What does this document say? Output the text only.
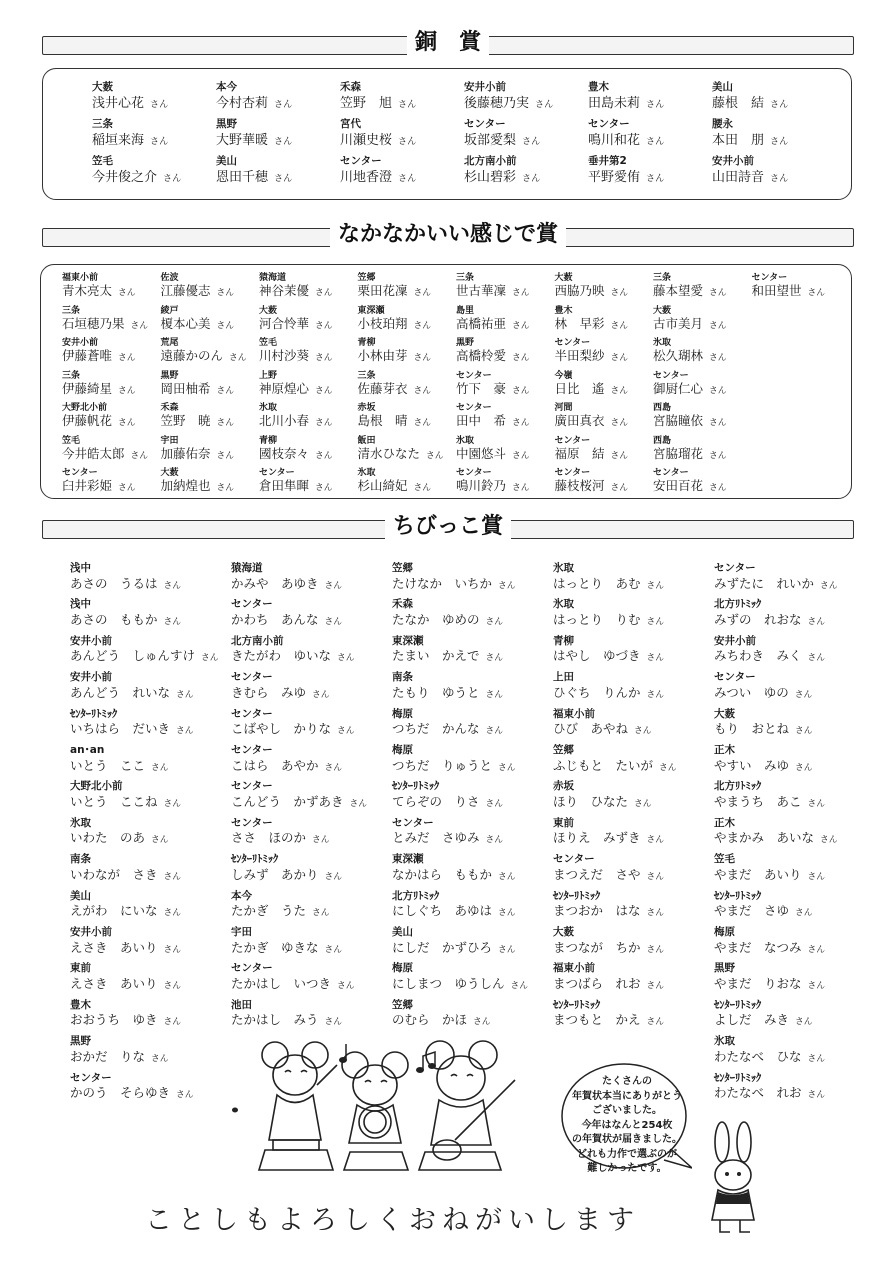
銅　賞
大薮
浅井心花 さん
三条
稲垣来海 さん
笠毛
今井俊之介 さん
本今
今村杏莉 さん
黒野
大野華暖 さん
美山
恩田千穂 さん
禾森
笠野　旭 さん
宮代
川瀬史桜 さん
センター
川地香澄 さん
安井小前
後藤穂乃実 さん
センター
坂部愛梨 さん
北方南小前
杉山碧彩 さん
豊木
田島未莉 さん
センター
鳴川和花 さん
垂井第2
平野愛侑 さん
美山
藤根　結 さん
腰永
本田　朋 さん
安井小前
山田詩音 さん
なかなかいい感じで賞
福東小前
青木亮太 さん
三条
石垣穂乃果 さん
安井小前
伊藤蒼唯 さん
三条
伊藤綺星 さん
大野北小前
伊藤帆花 さん
笠毛
今井皓太郎 さん
センター
臼井彩姫 さん
佐波
江藤優志 さん
綾戸
榎本心美 さん
荒尾
遠藤かのん さん
黒野
岡田柚希 さん
禾森
笠野　暁 さん
宇田
加藤佑奈 さん
大薮
加納煌也 さん
猿海道
神谷茉優 さん
大薮
河合怜華 さん
笠毛
川村沙葵 さん
上野
神原煌心 さん
氷取
北川小春 さん
青柳
國枝奈々 さん
センター
倉田隼暉 さん
笠郷
栗田花凜 さん
東深瀬
小枝珀翔 さん
青柳
小林由芽 さん
三条
佐藤芽衣 さん
赤坂
島根　晴 さん
飯田
清水ひなた さん
氷取
杉山綺妃 さん
三条
世古華凜 さん
島里
高橋祐亜 さん
黒野
高橋柃愛 さん
センター
竹下　豪 さん
センター
田中　希 さん
氷取
中園悠斗 さん
センター
鳴川鈴乃 さん
大薮
西脇乃映 さん
豊木
林　早彩 さん
センター
半田梨紗 さん
今嶺
日比　遙 さん
河間
廣田真衣 さん
センター
福原　結 さん
センター
藤枝桜河 さん
三条
藤本望愛 さん
大薮
古市美月 さん
氷取
松久瑚林 さん
センター
御厨仁心 さん
西島
宮脇瞳依 さん
西島
宮脇瑠花 さん
センター
安田百花 さん
センター
和田望世 さん
ちびっこ賞
浅中
あさの　うるは さん
浅中
あさの　ももか さん
安井小前
あんどう　しゅんすけ さん
安井小前
あんどう　れいな さん
ｾﾝﾀｰﾘﾄﾐｯｸ
いちはら　だいき さん
an･an
いとう　ここ さん
大野北小前
いとう　ここね さん
氷取
いわた　のあ さん
南条
いわなが　さき さん
美山
えがわ　にいな さん
安井小前
えさき　あいり さん
東前
えさき　あいり さん
豊木
おおうち　ゆき さん
黒野
おかだ　りな さん
センター
かのう　そらゆき さん
猿海道
かみや　あゆき さん
センター
かわち　あんな さん
北方南小前
きたがわ　ゆいな さん
センター
きむら　みゆ さん
センター
こばやし　かりな さん
センター
こはら　あやか さん
センター
こんどう　かずあき さん
センター
ささ　ほのか さん
ｾﾝﾀｰﾘﾄﾐｯｸ
しみず　あかり さん
本今
たかぎ　うた さん
宇田
たかぎ　ゆきな さん
センター
たかはし　いつき さん
池田
たかはし　みう さん
笠郷
たけなか　いちか さん
禾森
たなか　ゆめの さん
東深瀬
たまい　かえで さん
南条
たもり　ゆうと さん
梅原
つちだ　かんな さん
梅原
つちだ　りゅうと さん
ｾﾝﾀｰﾘﾄﾐｯｸ
てらぞの　りさ さん
センター
とみだ　さゆみ さん
東深瀬
なかはら　ももか さん
北方ﾘﾄﾐｯｸ
にしぐち　あゆは さん
美山
にしだ　かずひろ さん
梅原
にしまつ　ゆうしん さん
笠郷
のむら　かほ さん
氷取
はっとり　あむ さん
氷取
はっとり　りむ さん
青柳
はやし　ゆづき さん
上田
ひぐち　りんか さん
福東小前
ひび　あやね さん
笠郷
ふじもと　たいが さん
赤坂
ほり　ひなた さん
東前
ほりえ　みずき さん
センター
まつえだ　さや さん
ｾﾝﾀｰﾘﾄﾐｯｸ
まつおか　はな さん
大薮
まつなが　ちか さん
福東小前
まつばら　れお さん
ｾﾝﾀｰﾘﾄﾐｯｸ
まつもと　かえ さん
センター
みずたに　れいか さん
北方ﾘﾄﾐｯｸ
みずの　れおな さん
安井小前
みちわき　みく さん
センター
みつい　ゆの さん
大薮
もり　おとね さん
正木
やすい　みゆ さん
北方ﾘﾄﾐｯｸ
やまうち　あこ さん
正木
やまかみ　あいな さん
笠毛
やまだ　あいり さん
ｾﾝﾀｰﾘﾄﾐｯｸ
やまだ　さゆ さん
梅原
やまだ　なつみ さん
黒野
やまだ　りおな さん
ｾﾝﾀｰﾘﾄﾐｯｸ
よしだ　みき さん
氷取
わたなべ　ひな さん
ｾﾝﾀｰﾘﾄﾐｯｸ
わたなべ　れお さん
たくさんの
年賀状本当にありがとう
ございました。
今年はなんと254枚
の年賀状が届きました。
どれも力作で選ぶのが
難しかったです。
ことしもよろしくおねがいします
